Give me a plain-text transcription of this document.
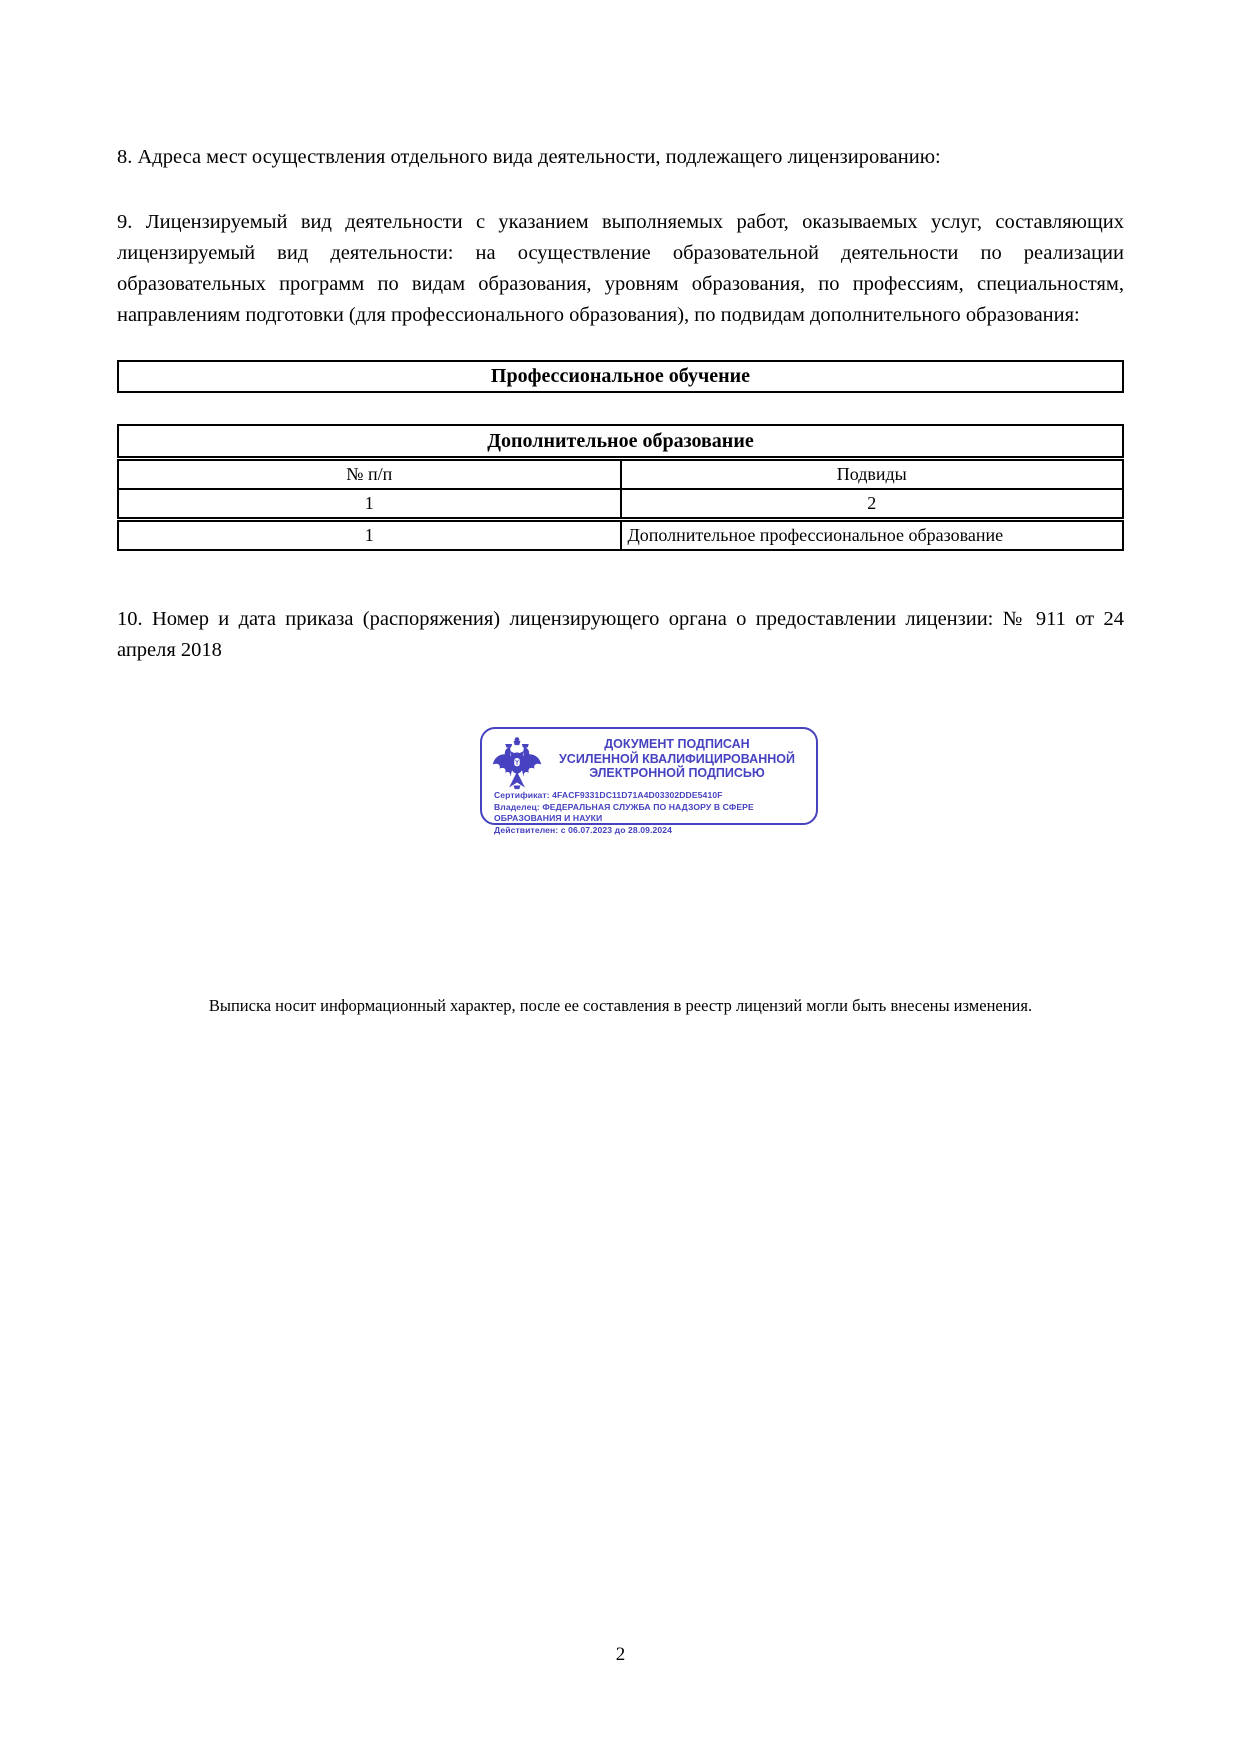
8. Адреса мест осуществления отдельного вида деятельности, подлежащего лицензированию:
9. Лицензируемый вид деятельности с указанием выполняемых работ, оказываемых услуг, составляющих лицензируемый вид деятельности: на осуществление образовательной деятельности по реализации образовательных программ по видам образования, уровням образования, по профессиям, специальностям, направлениям подготовки (для профессионального образования), по подвидам дополнительного образования:
Профессиональное обучение
Дополнительное образование	
№ п/п	Подвиды
1	2
1	Дополнительное профессиональное образование
10. Номер и дата приказа (распоряжения) лицензирующего органа о предоставлении лицензии: № 911 от 24 апреля 2018
ДОКУМЕНТ ПОДПИСАН
УСИЛЕННОЙ КВАЛИФИЦИРОВАННОЙ
ЭЛЕКТРОННОЙ ПОДПИСЬЮ
Сертификат: 4FACF9331DC11D71A4D03302DDE5410F
Владелец: ФЕДЕРАЛЬНАЯ СЛУЖБА ПО НАДЗОРУ В СФЕРЕ ОБРАЗОВАНИЯ И НАУКИ
Действителен: с 06.07.2023 до 28.09.2024
Выписка носит информационный характер, после ее составления в реестр лицензий могли быть внесены изменения.
2
